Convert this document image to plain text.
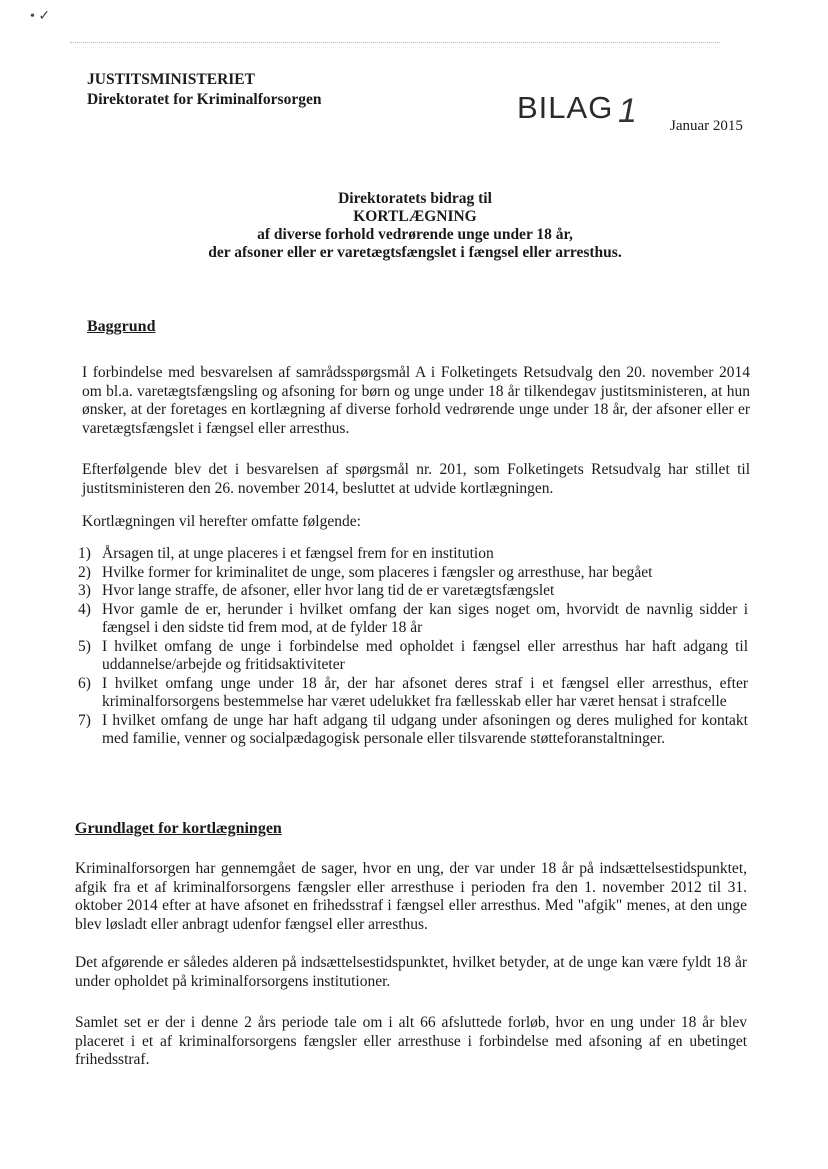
• ✓
JUSTITSMINISTERIET
Direktoratet for Kriminalforsorgen	BILAG 1 Januar 2015
Direktoratets bidrag til
KORTLÆGNING
af diverse forhold vedrørende unge under 18 år,
der afsoner eller er varetægtsfængslet i fængsel eller arresthus.
Baggrund
I forbindelse med besvarelsen af samrådsspørgsmål A i Folketingets Retsudvalg den 20. november 2014 om bl.a. varetægtsfængsling og afsoning for børn og unge under 18 år tilkendegav justitsministeren, at hun ønsker, at der foretages en kortlægning af diverse forhold vedrørende unge under 18 år, der afsoner eller er varetægtsfængslet i fængsel eller arresthus.
Efterfølgende blev det i besvarelsen af spørgsmål nr. 201, som Folketingets Retsudvalg har stillet til justitsministeren den 26. november 2014, besluttet at udvide kortlægningen.
Kortlægningen vil herefter omfatte følgende:
1) Årsagen til, at unge placeres i et fængsel frem for en institution
2) Hvilke former for kriminalitet de unge, som placeres i fængsler og arresthuse, har begået
3) Hvor lange straffe, de afsoner, eller hvor lang tid de er varetægtsfængslet
4) Hvor gamle de er, herunder i hvilket omfang der kan siges noget om, hvorvidt de navnlig sidder i fængsel i den sidste tid frem mod, at de fylder 18 år
5) I hvilket omfang de unge i forbindelse med opholdet i fængsel eller arresthus har haft adgang til uddannelse/arbejde og fritidsaktiviteter
6) I hvilket omfang unge under 18 år, der har afsonet deres straf i et fængsel eller arresthus, efter kriminalforsorgens bestemmelse har været udelukket fra fællesskab eller har været hensat i strafcelle
7) I hvilket omfang de unge har haft adgang til udgang under afsoningen og deres mulighed for kontakt med familie, venner og socialpædagogisk personale eller tilsvarende støtteforanstaltninger.
Grundlaget for kortlægningen
Kriminalforsorgen har gennemgået de sager, hvor en ung, der var under 18 år på indsættelsestidspunktet, afgik fra et af kriminalforsorgens fængsler eller arresthuse i perioden fra den 1. november 2012 til 31. oktober 2014 efter at have afsonet en frihedsstraf i fængsel eller arresthus. Med "afgik" menes, at den unge blev løsladt eller anbragt udenfor fængsel eller arresthus.
Det afgørende er således alderen på indsættelsestidspunktet, hvilket betyder, at de unge kan være fyldt 18 år under opholdet på kriminalforsorgens institutioner.
Samlet set er der i denne 2 års periode tale om i alt 66 afsluttede forløb, hvor en ung under 18 år blev placeret i et af kriminalforsorgens fængsler eller arresthuse i forbindelse med afsoning af en ubetinget frihedsstraf.
